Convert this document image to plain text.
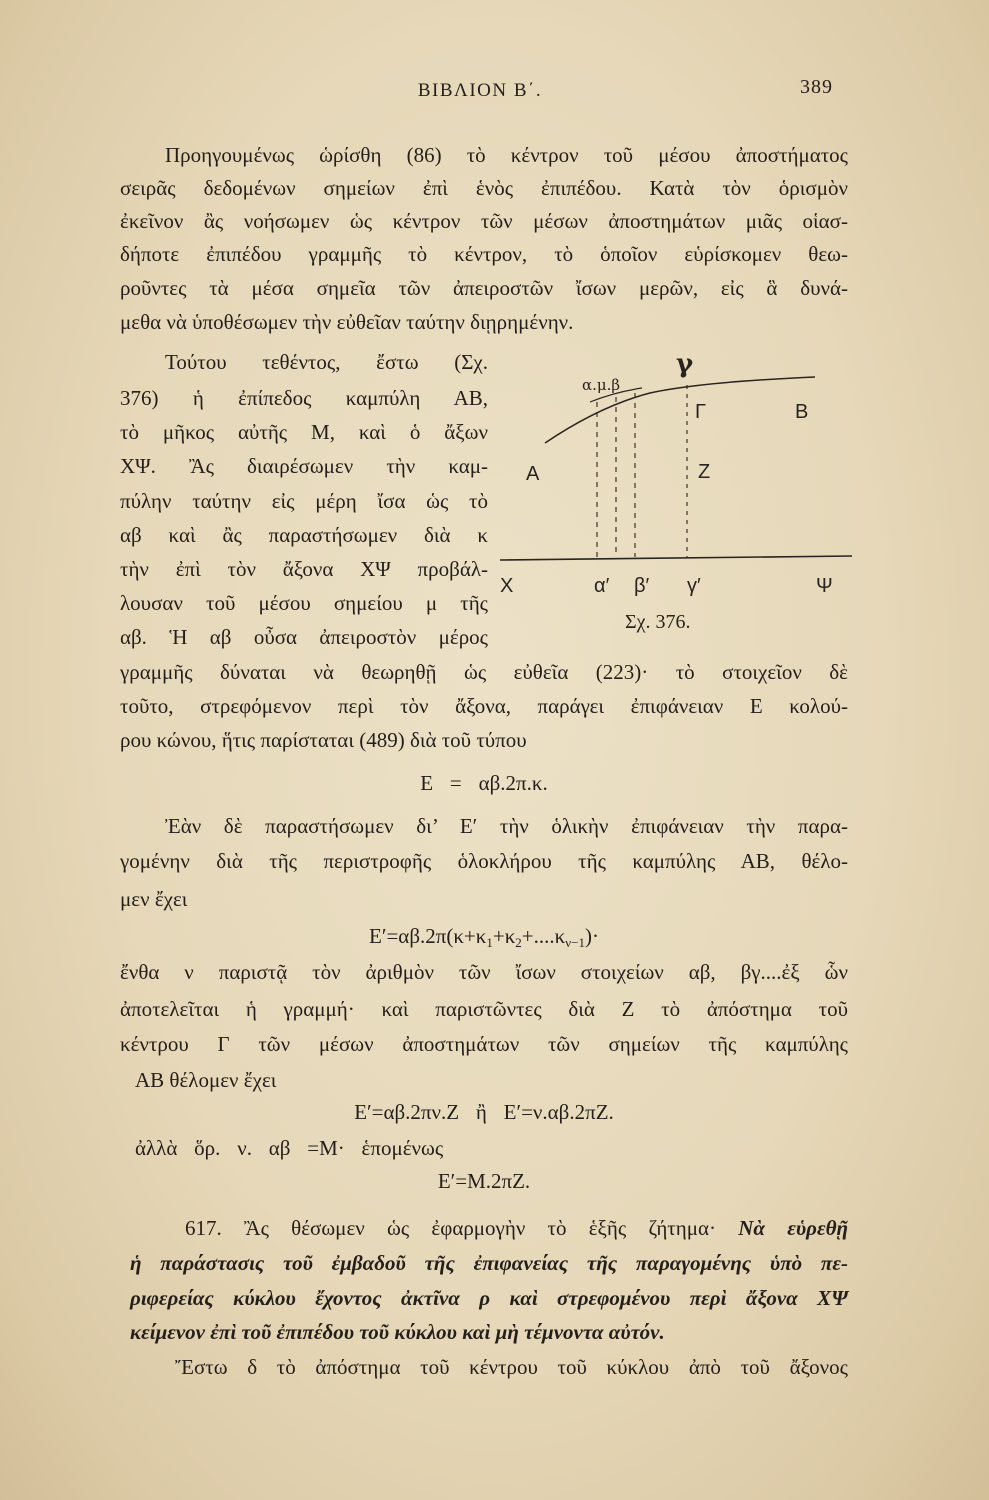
ΒΙΒΛΙΟΝ Β΄.	389
Προηγουμένως ὡρίσθη (86) τὸ κέντρον τοῦ μέσου ἀποστήματος
σειρᾶς δεδομένων σημείων ἐπὶ ἑνὸς ἐπιπέδου. Κατὰ τὸν ὁρισμὸν
ἐκεῖνον ἂς νοήσωμεν ὡς κέντρον τῶν μέσων ἀποστημάτων μιᾶς οἱασ-
δήποτε ἐπιπέδου γραμμῆς τὸ κέντρον, τὸ ὁποῖον εὑρίσκομεν θεω-
ροῦντες τὰ μέσα σημεῖα τῶν ἀπειροστῶν ἴσων μερῶν, εἰς ἃ δυνά-
μεθα νὰ ὑποθέσωμεν τὴν εὐθεῖαν ταύτην διῃρημένην.
Τούτου τεθέντος, ἔστω (Σχ.
376) ἡ ἐπίπεδος καμπύλη ΑΒ,
τὸ μῆκος αὐτῆς Μ, καὶ ὁ ἄξων
ΧΨ. Ἂς διαιρέσωμεν τὴν καμ-
πύλην ταύτην εἰς μέρη ἴσα ὡς τὸ
αβ καὶ ἂς παραστήσωμεν διὰ κ
τὴν ἐπὶ τὸν ἄξονα ΧΨ προβάλ-
λουσαν τοῦ μέσου σημείου μ τῆς
αβ. Ἡ αβ οὖσα ἀπειροστὸν μέρος
γραμμῆς δύναται νὰ θεωρηθῇ ὡς εὐθεῖα (223)· τὸ στοιχεῖον δὲ
τοῦτο, στρεφόμενον περὶ τὸν ἄξονα, παράγει ἐπιφάνειαν Ε κολού-
ρου κώνου, ἥτις παρίσταται (489) διὰ τοῦ τύπου
α.μ.β
γ
Γ	Β
Α	Ζ
Χ	α′ β′ γ′	Ψ
Σχ. 376.
Ε = αβ.2π.κ.
Ἐὰν δὲ παραστήσωμεν δι’ Ε′ τὴν ὁλικὴν ἐπιφάνειαν τὴν παρα-
γομένην διὰ τῆς περιστροφῆς ὁλοκλήρου τῆς καμπύλης ΑΒ, θέλο-
μεν ἔχει
$E'=\alpha\beta.2\pi(\kappa+\kappa_1+\kappa_2+....\kappa_{\nu-1})\cdot$
ἔνθα ν παριστᾷ τὸν ἀριθμὸν τῶν ἴσων στοιχείων αβ, βγ....ἐξ ὧν
ἀποτελεῖται ἡ γραμμή· καὶ παριστῶντες διὰ Ζ τὸ ἀπόστημα τοῦ
κέντρου Γ τῶν μέσων ἀποστημάτων τῶν σημείων τῆς καμπύλης
ΑΒ θέλομεν ἔχει
Ε′=αβ.2πν.Ζ ἢ Ε′=ν.αβ.2πΖ.
ἀλλὰ ὅρ. ν. αβ =Μ· ἑπομένως
Ε′=Μ.2πΖ.
617. Ἂς θέσωμεν ὡς ἐφαρμογὴν τὸ ἑξῆς ζήτημα· Νὰ εὑρεθῇ
ἡ παράστασις τοῦ ἐμβαδοῦ τῆς ἐπιφανείας τῆς παραγομένης ὑπὸ πε-
ριφερείας κύκλου ἔχοντος ἀκτῖνα ρ καὶ στρεφομένου περὶ ἄξονα ΧΨ
κείμενον ἐπὶ τοῦ ἐπιπέδου τοῦ κύκλου καὶ μὴ τέμνοντα αὐτόν.
Ἔστω δ τὸ ἀπόστημα τοῦ κέντρου τοῦ κύκλου ἀπὸ τοῦ ἄξονος
